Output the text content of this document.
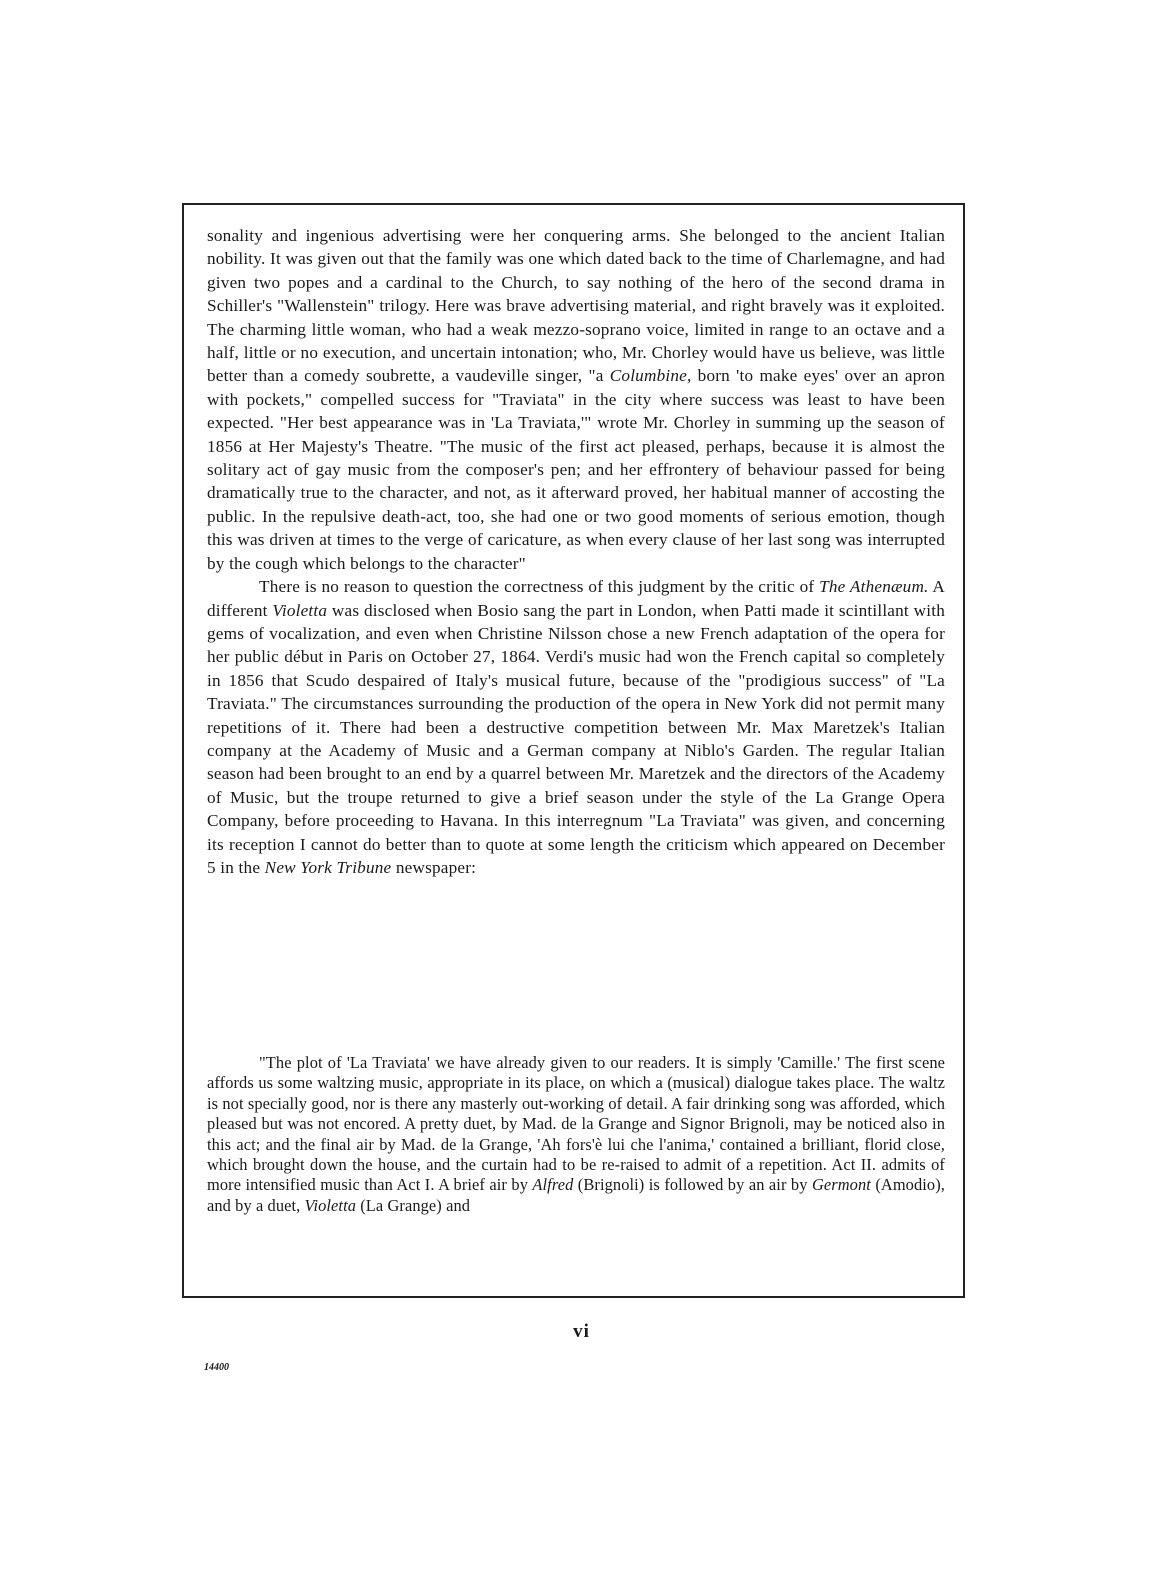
sonality and ingenious advertising were her conquering arms. She belonged to the ancient Italian nobility. It was given out that the family was one which dated back to the time of Charlemagne, and had given two popes and a cardinal to the Church, to say nothing of the hero of the second drama in Schiller's "Wallenstein" trilogy. Here was brave advertising material, and right bravely was it exploited. The charming little woman, who had a weak mezzo-soprano voice, limited in range to an octave and a half, little or no execution, and uncertain intonation; who, Mr. Chorley would have us believe, was little better than a comedy soubrette, a vaudeville singer, "a Columbine, born 'to make eyes' over an apron with pockets," compelled success for "Traviata" in the city where success was least to have been expected. "Her best appearance was in 'La Traviata,'" wrote Mr. Chorley in summing up the season of 1856 at Her Majesty's Theatre. "The music of the first act pleased, perhaps, because it is almost the solitary act of gay music from the composer's pen; and her effrontery of behaviour passed for being dramatically true to the character, and not, as it afterward proved, her habitual manner of accosting the public. In the repulsive death-act, too, she had one or two good moments of serious emotion, though this was driven at times to the verge of caricature, as when every clause of her last song was interrupted by the cough which belongs to the character"

There is no reason to question the correctness of this judgment by the critic of The Athenæum. A different Violetta was disclosed when Bosio sang the part in London, when Patti made it scintillant with gems of vocalization, and even when Christine Nilsson chose a new French adaptation of the opera for her public début in Paris on October 27, 1864. Verdi's music had won the French capital so completely in 1856 that Scudo despaired of Italy's musical future, because of the "prodigious success" of "La Traviata." The circumstances surrounding the production of the opera in New York did not permit many repetitions of it. There had been a destructive competition between Mr. Max Maretzek's Italian company at the Academy of Music and a German company at Niblo's Garden. The regular Italian season had been brought to an end by a quarrel between Mr. Maretzek and the directors of the Academy of Music, but the troupe returned to give a brief season under the style of the La Grange Opera Company, before proceeding to Havana. In this interregnum "La Traviata" was given, and concerning its reception I cannot do better than to quote at some length the criticism which appeared on December 5 in the New York Tribune newspaper:

"The plot of 'La Traviata' we have already given to our readers. It is simply 'Camille.' The first scene affords us some waltzing music, appropriate in its place, on which a (musical) dialogue takes place. The waltz is not specially good, nor is there any masterly out-working of detail. A fair drinking song was afforded, which pleased but was not encored. A pretty duet, by Mad. de la Grange and Signor Brignoli, may be noticed also in this act; and the final air by Mad. de la Grange, 'Ah fors'è lui che l'anima,' contained a brilliant, florid close, which brought down the house, and the curtain had to be re-raised to admit of a repetition. Act II. admits of more intensified music than Act I. A brief air by Alfred (Brignoli) is followed by an air by Germont (Amodio), and by a duet, Violetta (La Grange) and

vi
14400
